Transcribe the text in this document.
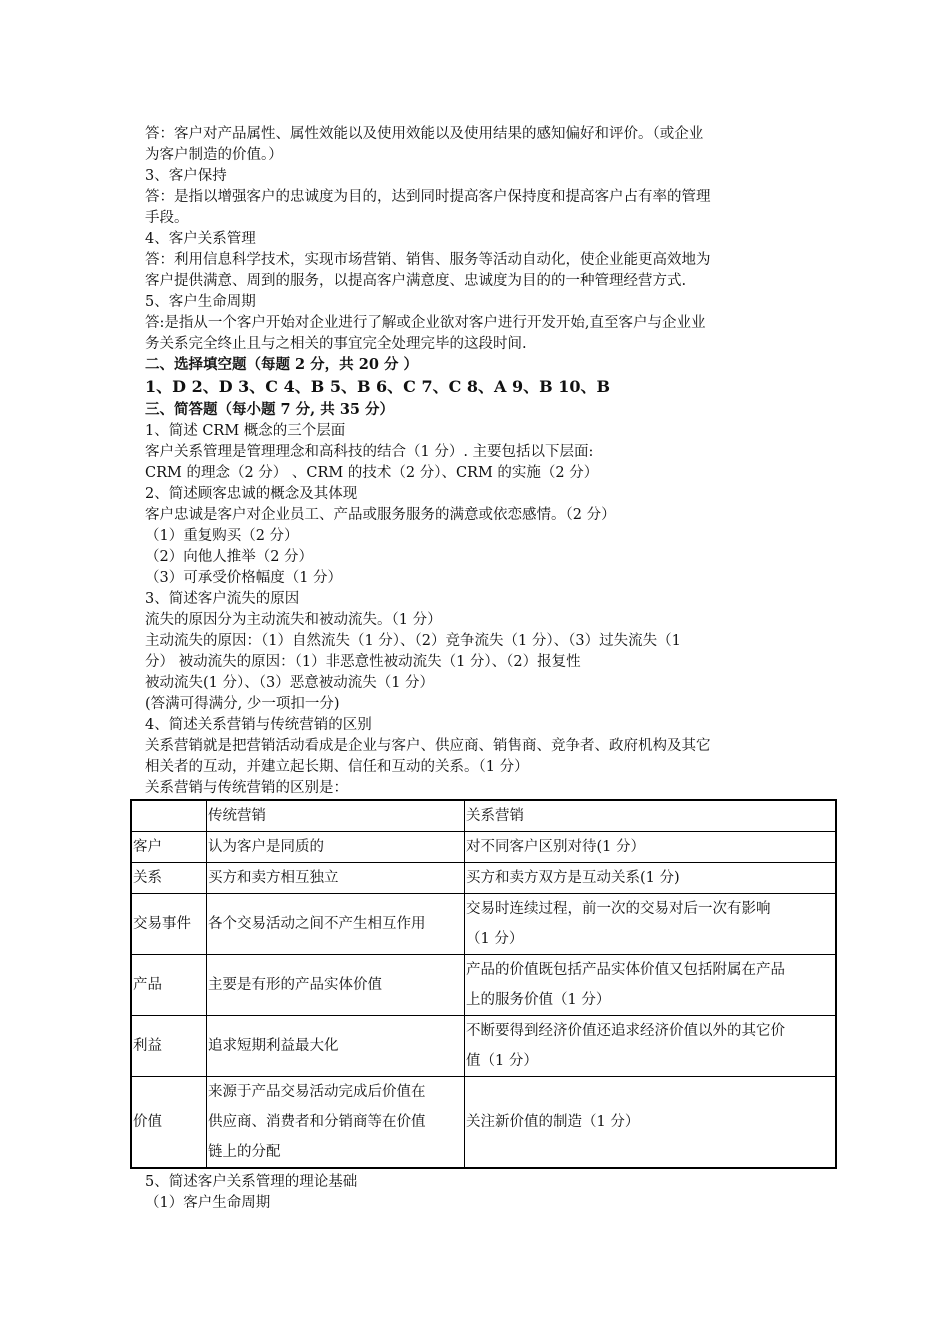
答：客户对产品属性、属性效能以及使用效能以及使用结果的感知偏好和评价。（或企业
为客户制造的价值。）
3、客户保持
答：是指以增强客户的忠诚度为目的，达到同时提高客户保持度和提高客户占有率的管理
手段。
4、客户关系管理
答：利用信息科学技术，实现市场营销、销售、服务等活动自动化，使企业能更高效地为
客户提供满意、周到的服务，以提高客户满意度、忠诚度为目的的一种管理经营方式.
5、客户生命周期
答:是指从一个客户开始对企业进行了解或企业欲对客户进行开发开始,直至客户与企业业
务关系完全终止且与之相关的事宜完全处理完毕的这段时间.
二、选择填空题（每题 2 分，共 20 分 ）
1、D 2、D 3、C 4、B 5、B 6、C 7、C 8、A 9、B 10、B
三、简答题（每小题 7 分, 共 35 分）
1、简述 CRM 概念的三个层面
客户关系管理是管理理念和高科技的结合（1 分）. 主要包括以下层面:
CRM 的理念（2 分） 、CRM 的技术（2 分）、CRM 的实施（2 分）
2、简述顾客忠诚的概念及其体现
客户忠诚是客户对企业员工、产品或服务服务的满意或依恋感情。（2 分）
（1）重复购买（2 分）
（2）向他人推举（2 分）
（3）可承受价格幅度（1 分）
3、简述客户流失的原因
流失的原因分为主动流失和被动流失。（1 分）
主动流失的原因：（1）自然流失（1 分）、（2）竞争流失（1 分）、（3）过失流失（1
分） 被动流失的原因：（1）非恶意性被动流失（1 分）、（2）报复性
被动流失(1 分）、（3）恶意被动流失（1 分）
(答满可得满分, 少一项扣一分)
4、简述关系营销与传统营销的区别
关系营销就是把营销活动看成是企业与客户、供应商、销售商、竞争者、政府机构及其它
相关者的互动，并建立起长期、信任和互动的关系。（1 分）
关系营销与传统营销的区别是：
	传统营销	关系营销
客户	认为客户是同质的	对不同客户区别对待(1 分）
关系	买方和卖方相互独立	买方和卖方双方是互动关系(1 分)
交易事件	各个交易活动之间不产生相互作用	交易时连续过程，前一次的交易对后一次有影响
（1 分）

产品	主要是有形的产品实体价值	产品的价值既包括产品实体价值又包括附属在产品
上的服务价值（1 分）

利益	追求短期利益最大化	不断要得到经济价值还追求经济价值以外的其它价
值（1 分）

价值	来源于产品交易活动完成后价值在
供应商、消费者和分销商等在价值
链上的分配	关注新价值的制造（1 分）
5、简述客户关系管理的理论基础
（1）客户生命周期
